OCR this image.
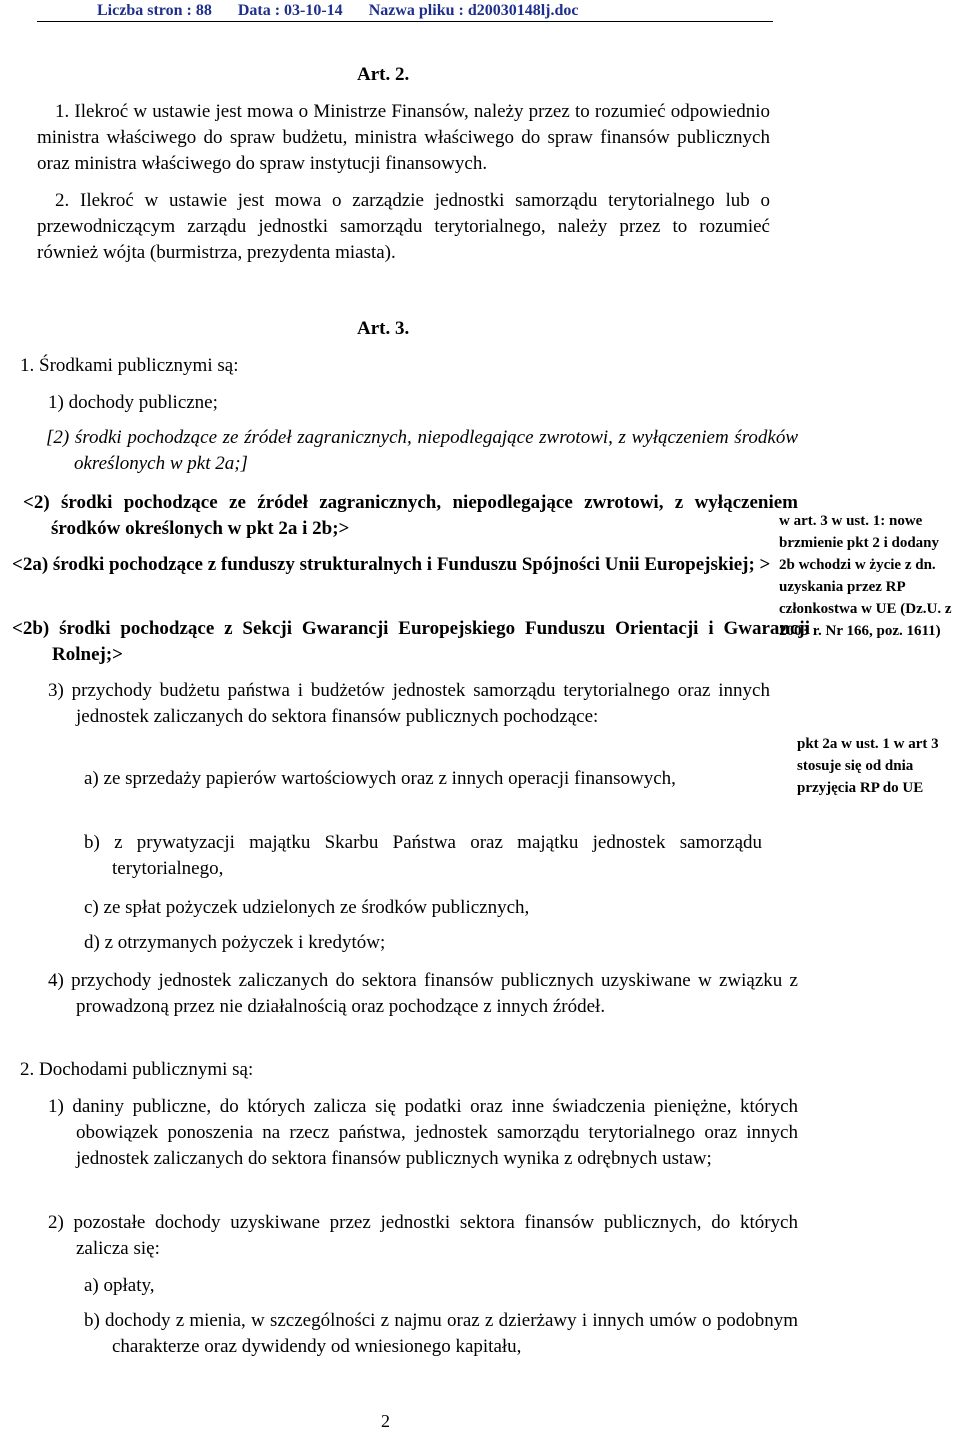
Liczba stron : 88 Data : 03-10-14 Nazwa pliku : d20030148lj.doc
Art. 2.
1. Ilekroć w ustawie jest mowa o Ministrze Finansów, należy przez to rozumieć odpowiednio ministra właściwego do spraw budżetu, ministra właściwego do spraw finansów publicznych oraz ministra właściwego do spraw instytucji finansowych.
2. Ilekroć w ustawie jest mowa o zarządzie jednostki samorządu terytorialnego lub o przewodniczącym zarządu jednostki samorządu terytorialnego, należy przez to rozumieć również wójta (burmistrza, prezydenta miasta).
Art. 3.
1. Środkami publicznymi są:
1) dochody publiczne;
[2) środki pochodzące ze źródeł zagranicznych, niepodlegające zwrotowi, z wyłączeniem środków określonych w pkt 2a;]
<2) środki pochodzące ze źródeł zagranicznych, niepodlegające zwrotowi, z wyłączeniem środków określonych w pkt 2a i 2b;>
<2a) środki pochodzące z funduszy strukturalnych i Funduszu Spójności Unii Europejskiej; >
<2b) środki pochodzące z Sekcji Gwarancji Europejskiego Funduszu Orientacji i Gwarancji Rolnej;>
3) przychody budżetu państwa i budżetów jednostek samorządu terytorialnego oraz innych jednostek zaliczanych do sektora finansów publicznych pochodzące:
a) ze sprzedaży papierów wartościowych oraz z innych operacji finansowych,
b) z prywatyzacji majątku Skarbu Państwa oraz majątku jednostek samorządu terytorialnego,
c) ze spłat pożyczek udzielonych ze środków publicznych,
d) z otrzymanych pożyczek i kredytów;
4) przychody jednostek zaliczanych do sektora finansów publicznych uzyskiwane w związku z prowadzoną przez nie działalnością oraz pochodzące z innych źródeł.
2. Dochodami publicznymi są:
1) daniny publiczne, do których zalicza się podatki oraz inne świadczenia pieniężne, których obowiązek ponoszenia na rzecz państwa, jednostek samorządu terytorialnego oraz innych jednostek zaliczanych do sektora finansów publicznych wynika z odrębnych ustaw;
2) pozostałe dochody uzyskiwane przez jednostki sektora finansów publicznych, do których zalicza się:
a) opłaty,
b) dochody z mienia, w szczególności z najmu oraz z dzierżawy i innych umów o podobnym charakterze oraz dywidendy od wniesionego kapitału,
w art. 3 w ust. 1: nowe brzmienie pkt 2 i dodany 2b wchodzi w życie z dn. uzyskania przez RP członkostwa w UE (Dz.U. z 2003 r. Nr 166, poz. 1611)
pkt 2a w ust. 1 w art 3 stosuje się od dnia przyjęcia RP do UE
2
